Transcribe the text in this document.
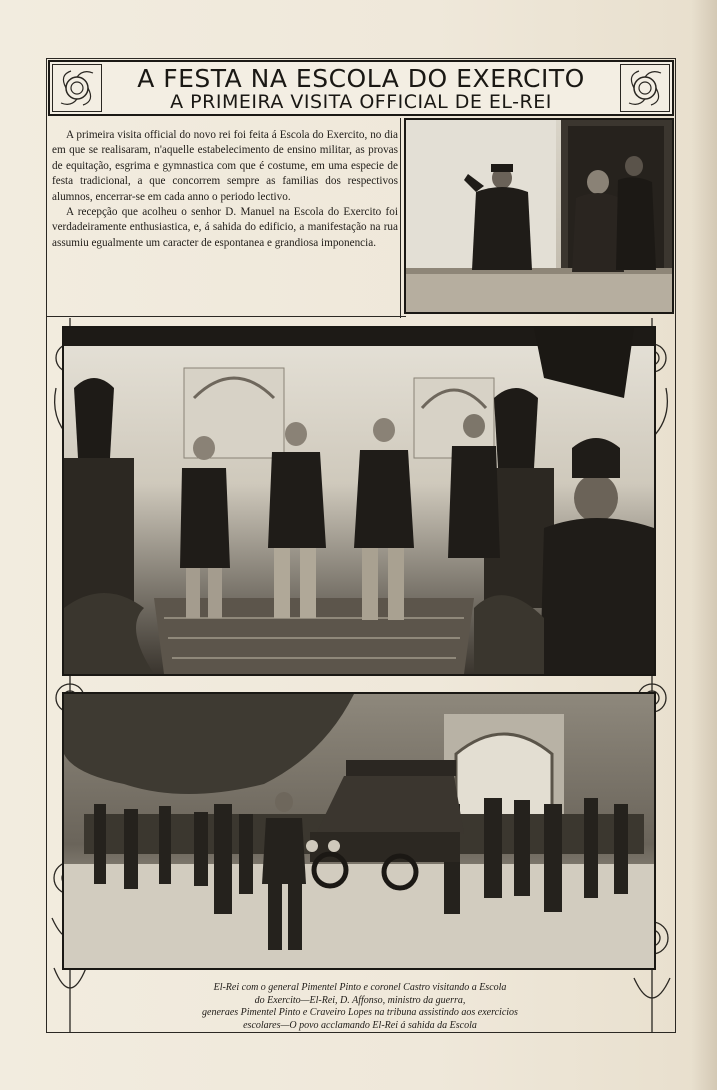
A FESTA NA ESCOLA DO EXERCITO
A PRIMEIRA VISITA OFFICIAL DE EL-REI

A primeira visita official do novo rei foi feita á Escola do Exercito, no dia em que se realisaram, n'aquelle estabelecimento de ensino militar, as provas de equitação, esgrima e gymnastica com que é costume, em uma especie de festa tradicional, a que concorrem sempre as familias dos respectivos alumnos, encerrar-se em cada anno o periodo lectivo.

A recepção que acolheu o senhor D. Manuel na Escola do Exercito foi verdadeiramente enthusiastica, e, á sahida do edificio, a manifestação na rua assumiu egualmente um caracter de espontanea e grandiosa imponencia.

El-Rei com o general Pimentel Pinto e coronel Castro visitando a Escola
do Exercito—El-Rei, D. Affonso, ministro da guerra,
generaes Pimentel Pinto e Craveiro Lopes na tribuna assistindo aos exercicios
escolares—O povo acclamando El-Rei á sahida da Escola
